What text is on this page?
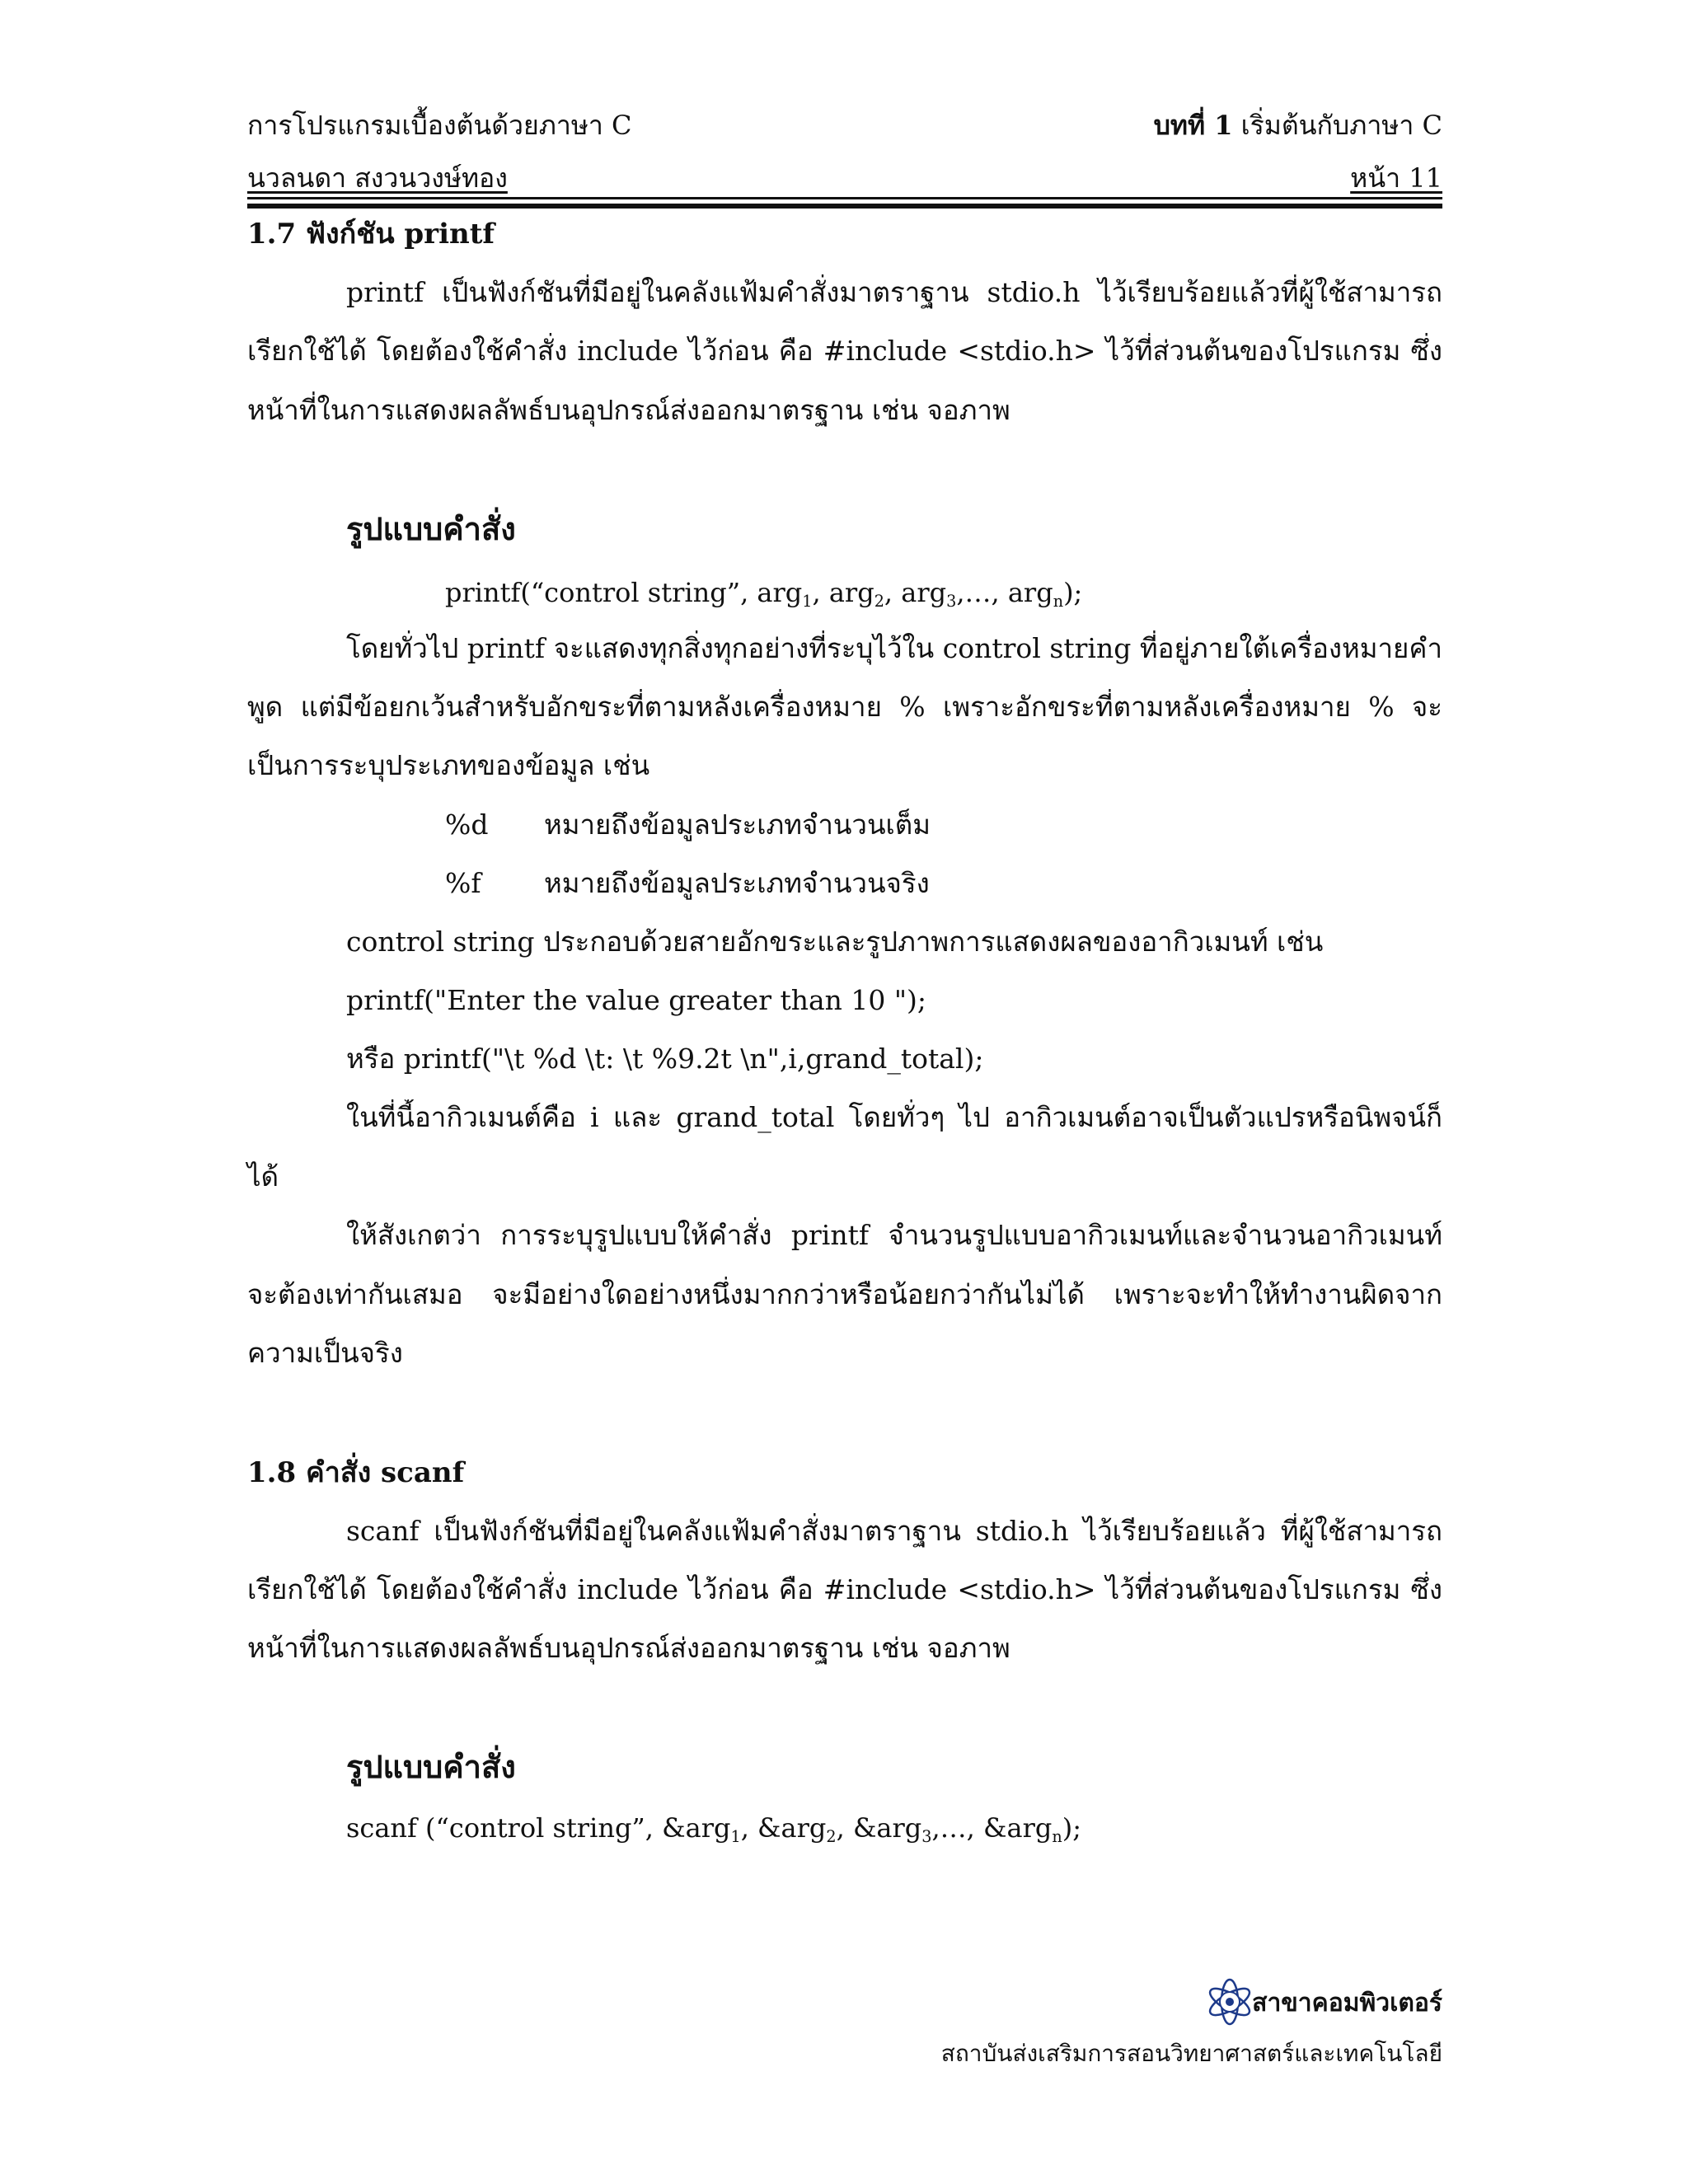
การโปรแกรมเบื้องต้นด้วยภาษา C	บทที่ 1 เริ่มต้นกับภาษา C
นวลนดา สงวนวงษ์ทอง	หน้า 11
1.7 ฟังก์ชัน printf
printf เป็นฟังก์ชันที่มีอยู่ในคลังแฟ้มคำสั่งมาตราฐาน stdio.h ไว้เรียบร้อยแล้วที่ผู้ใช้สามารถ
เรียกใช้ได้ โดยต้องใช้คำสั่ง include ไว้ก่อน คือ #include <stdio.h> ไว้ที่ส่วนต้นของโปรแกรม ซึ่ง
หน้าที่ในการแสดงผลลัพธ์บนอุปกรณ์ส่งออกมาตรฐาน เช่น จอภาพ
รูปแบบคำสั่ง
printf(“control string”, arg$_1$, arg$_2$, arg$_3$,…, arg$_n$);
โดยทั่วไป printf จะแสดงทุกสิ่งทุกอย่างที่ระบุไว้ใน control string ที่อยู่ภายใต้เครื่องหมายคำ
พูด แต่มีข้อยกเว้นสำหรับอักขระที่ตามหลังเครื่องหมาย % เพราะอักขระที่ตามหลังเครื่องหมาย % จะ
เป็นการระบุประเภทของข้อมูล เช่น
%d หมายถึงข้อมูลประเภทจำนวนเต็ม
%f หมายถึงข้อมูลประเภทจำนวนจริง
control string ประกอบด้วยสายอักขระและรูปภาพการแสดงผลของอากิวเมนท์ เช่น
printf("Enter the value greater than 10 ");
หรือ printf("\t %d \t: \t %9.2t \n",i,grand_total);
ในที่นี้อากิวเมนต์คือ i และ grand_total โดยทั่วๆ ไป อากิวเมนต์อาจเป็นตัวแปรหรือนิพจน์ก็
ได้
ให้สังเกตว่า การระบุรูปแบบให้คำสั่ง printf จำนวนรูปแบบอากิวเมนท์และจำนวนอากิวเมนท์
จะต้องเท่ากันเสมอ จะมีอย่างใดอย่างหนึ่งมากกว่าหรือน้อยกว่ากันไม่ได้ เพราะจะทำให้ทำงานผิดจาก
ความเป็นจริง
1.8 คำสั่ง scanf
scanf เป็นฟังก์ชันที่มีอยู่ในคลังแฟ้มคำสั่งมาตราฐาน stdio.h ไว้เรียบร้อยแล้ว ที่ผู้ใช้สามารถ
เรียกใช้ได้ โดยต้องใช้คำสั่ง include ไว้ก่อน คือ #include <stdio.h> ไว้ที่ส่วนต้นของโปรแกรม ซึ่ง
หน้าที่ในการแสดงผลลัพธ์บนอุปกรณ์ส่งออกมาตรฐาน เช่น จอภาพ
รูปแบบคำสั่ง
scanf (“control string”, &arg$_1$, &arg$_2$, &arg$_3$,…, &arg$_n$);
สาขาคอมพิวเตอร์
สถาบันส่งเสริมการสอนวิทยาศาสตร์และเทคโนโลยี
